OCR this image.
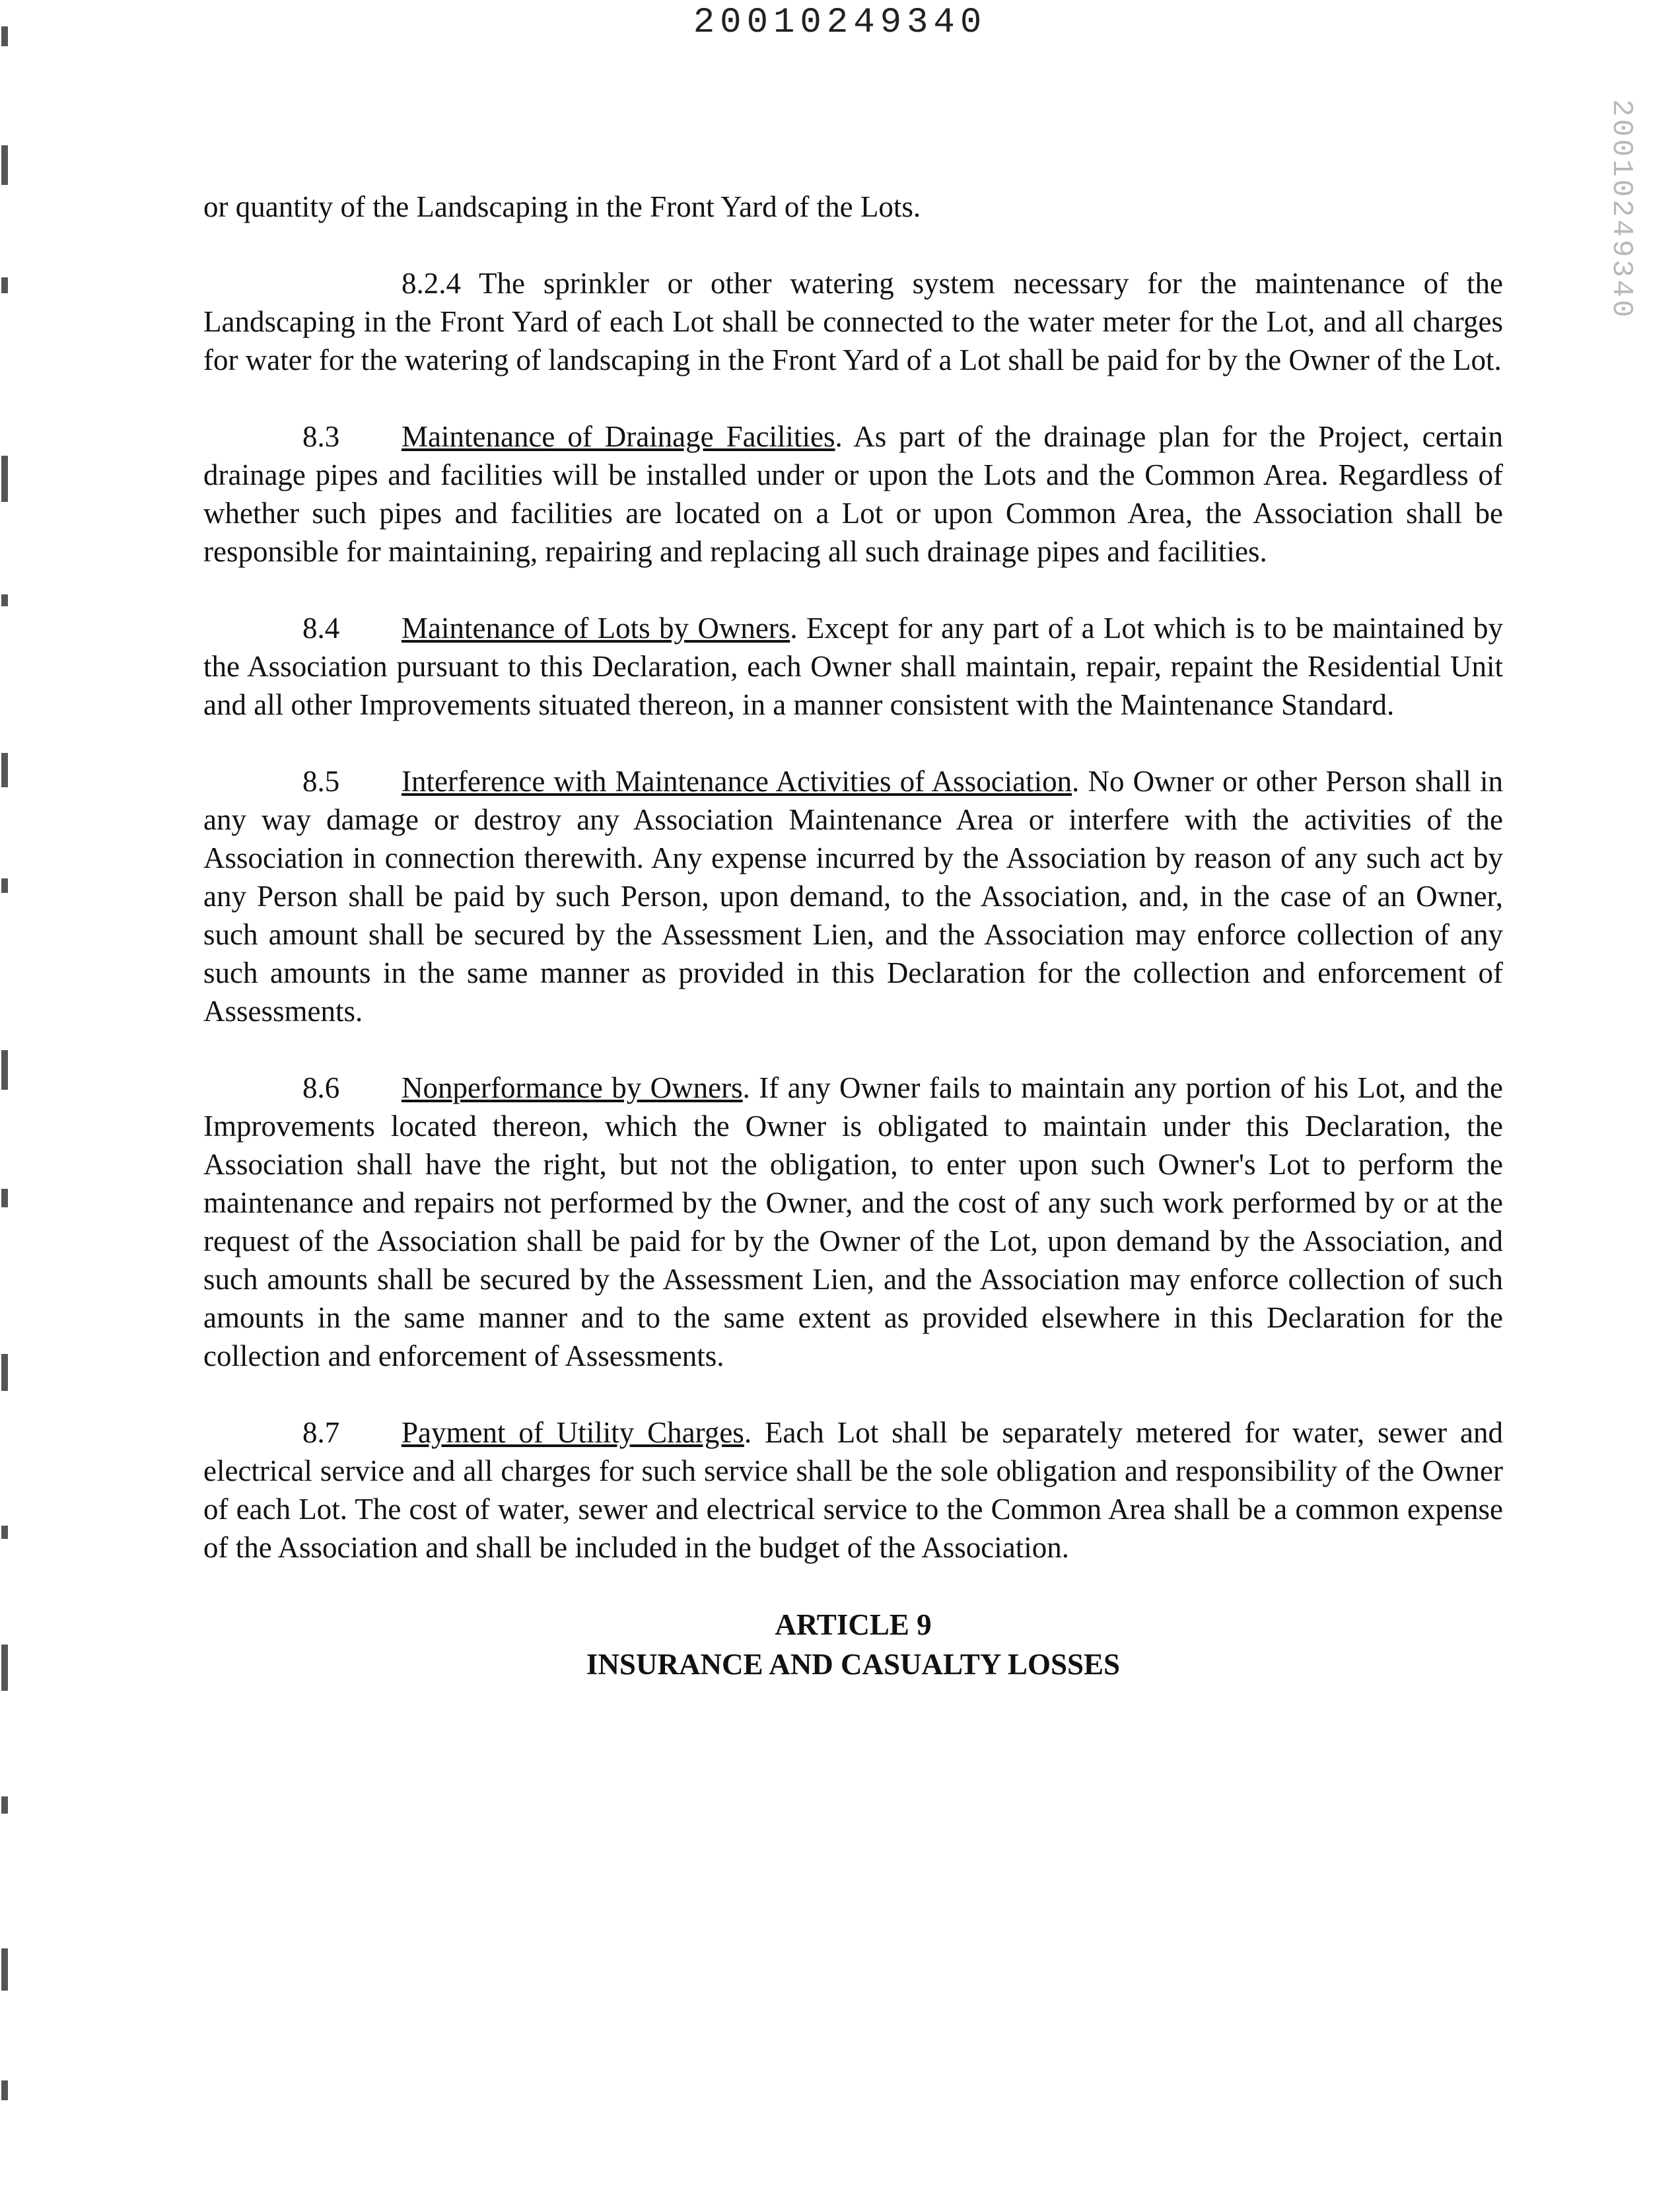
20010249340
20010249340

or quantity of the Landscaping in the Front Yard of the Lots.

8.2.4 The sprinkler or other watering system necessary for the maintenance of the Landscaping in the Front Yard of each Lot shall be connected to the water meter for the Lot, and all charges for water for the watering of landscaping in the Front Yard of a Lot shall be paid for by the Owner of the Lot.

8.3 Maintenance of Drainage Facilities. As part of the drainage plan for the Project, certain drainage pipes and facilities will be installed under or upon the Lots and the Common Area. Regardless of whether such pipes and facilities are located on a Lot or upon Common Area, the Association shall be responsible for maintaining, repairing and replacing all such drainage pipes and facilities.

8.4 Maintenance of Lots by Owners. Except for any part of a Lot which is to be maintained by the Association pursuant to this Declaration, each Owner shall maintain, repair, repaint the Residential Unit and all other Improvements situated thereon, in a manner consistent with the Maintenance Standard.

8.5 Interference with Maintenance Activities of Association. No Owner or other Person shall in any way damage or destroy any Association Maintenance Area or interfere with the activities of the Association in connection therewith. Any expense incurred by the Association by reason of any such act by any Person shall be paid by such Person, upon demand, to the Association, and, in the case of an Owner, such amount shall be secured by the Assessment Lien, and the Association may enforce collection of any such amounts in the same manner as provided in this Declaration for the collection and enforcement of Assessments.

8.6 Nonperformance by Owners. If any Owner fails to maintain any portion of his Lot, and the Improvements located thereon, which the Owner is obligated to maintain under this Declaration, the Association shall have the right, but not the obligation, to enter upon such Owner's Lot to perform the maintenance and repairs not performed by the Owner, and the cost of any such work performed by or at the request of the Association shall be paid for by the Owner of the Lot, upon demand by the Association, and such amounts shall be secured by the Assessment Lien, and the Association may enforce collection of such amounts in the same manner and to the same extent as provided elsewhere in this Declaration for the collection and enforcement of Assessments.

8.7 Payment of Utility Charges. Each Lot shall be separately metered for water, sewer and electrical service and all charges for such service shall be the sole obligation and responsibility of the Owner of each Lot. The cost of water, sewer and electrical service to the Common Area shall be a common expense of the Association and shall be included in the budget of the Association.

ARTICLE 9
INSURANCE AND CASUALTY LOSSES
